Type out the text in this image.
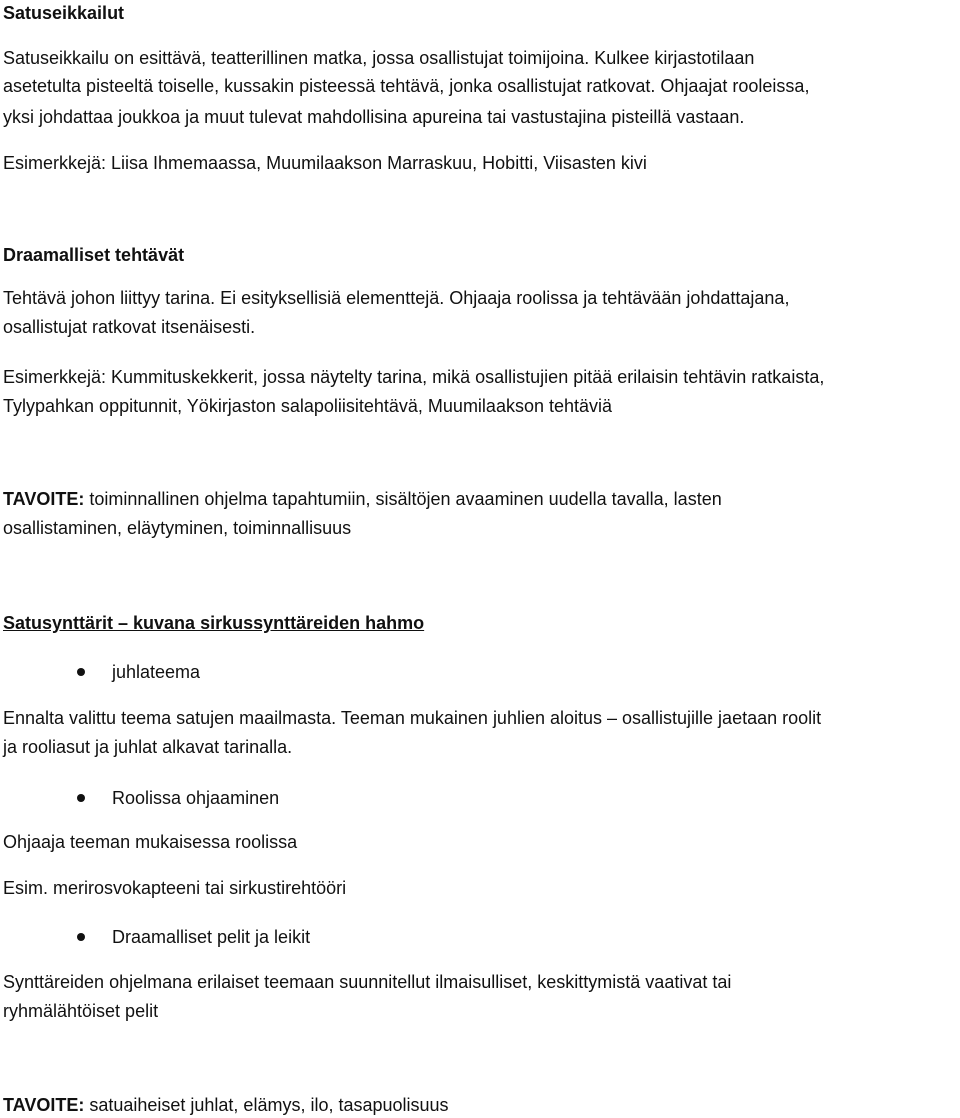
Satuseikkailut
Satuseikkailu on esittävä, teatterillinen matka, jossa osallistujat toimijoina. Kulkee kirjastotilaan
asetetulta pisteeltä toiselle, kussakin pisteessä tehtävä, jonka osallistujat ratkovat. Ohjaajat rooleissa,
yksi johdattaa joukkoa ja muut tulevat mahdollisina apureina tai vastustajina pisteillä vastaan.
Esimerkkejä: Liisa Ihmemaassa, Muumilaakson Marraskuu, Hobitti, Viisasten kivi
Draamalliset tehtävät
Tehtävä johon liittyy tarina. Ei esityksellisiä elementtejä. Ohjaaja roolissa ja tehtävään johdattajana,
osallistujat ratkovat itsenäisesti.
Esimerkkejä: Kummituskekkerit, jossa näytelty tarina, mikä osallistujien pitää erilaisin tehtävin ratkaista,
Tylypahkan oppitunnit, Yökirjaston salapoliisitehtävä, Muumilaakson tehtäviä
TAVOITE: toiminnallinen ohjelma tapahtumiin, sisältöjen avaaminen uudella tavalla, lasten
osallistaminen, eläytyminen, toiminnallisuus
Satusynttärit – kuvana sirkussynttäreiden hahmo
juhlateema
Ennalta valittu teema satujen maailmasta. Teeman mukainen juhlien aloitus – osallistujille jaetaan roolit
ja rooliasut ja juhlat alkavat tarinalla.
Roolissa ohjaaminen
Ohjaaja teeman mukaisessa roolissa
Esim. merirosvokapteeni tai sirkustirehtööri
Draamalliset pelit ja leikit
Synttäreiden ohjelmana erilaiset teemaan suunnitellut ilmaisulliset, keskittymistä vaativat tai
ryhmälähtöiset pelit
TAVOITE: satuaiheiset juhlat, elämys, ilo, tasapuolisuus
